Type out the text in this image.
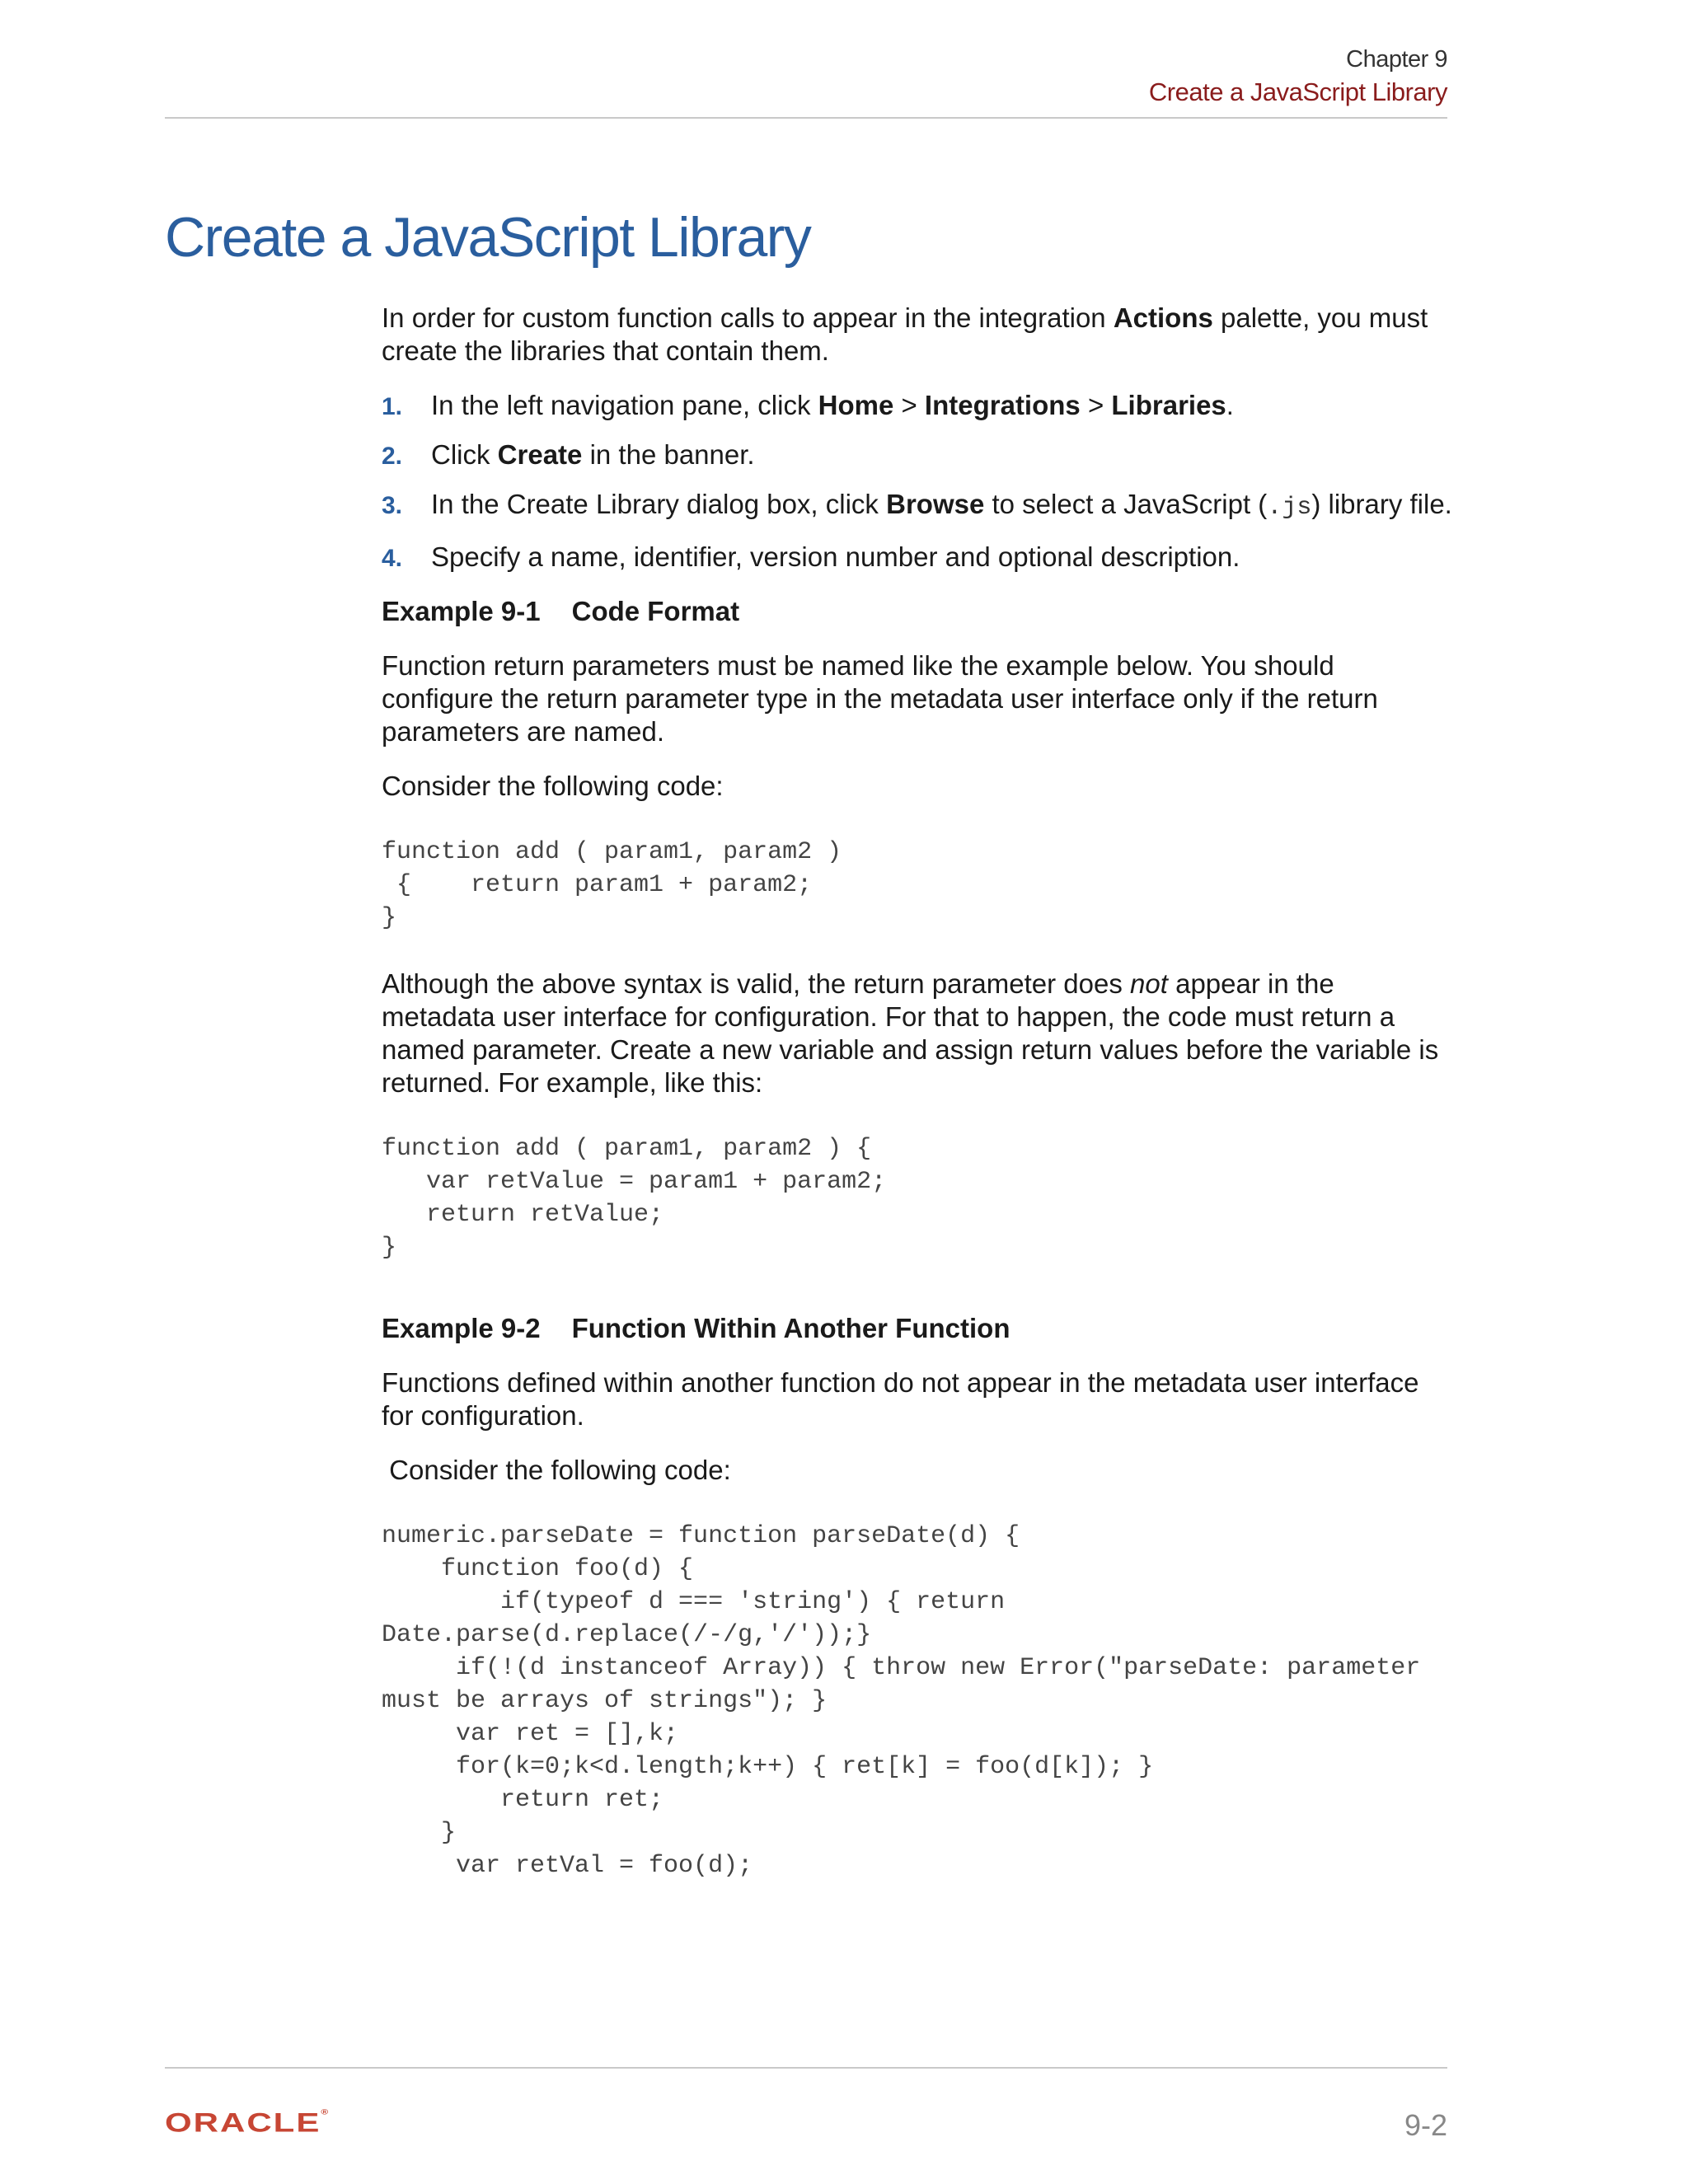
Chapter 9
Create a JavaScript Library
Create a JavaScript Library

In order for custom function calls to appear in the integration Actions palette, you must create the libraries that contain them.

1. In the left navigation pane, click Home > Integrations > Libraries.
2. Click Create in the banner.
3. In the Create Library dialog box, click Browse to select a JavaScript (.js) library file.
4. Specify a name, identifier, version number and optional description.
Example 9-1 Code Format

Function return parameters must be named like the example below. You should configure the return parameter type in the metadata user interface only if the return parameters are named.

Consider the following code:

function add ( param1, param2 )
{    return param1 + param2;
}

Although the above syntax is valid, the return parameter does not appear in the metadata user interface for configuration. For that to happen, the code must return a named parameter. Create a new variable and assign return values before the variable is returned. For example, like this:

function add ( param1, param2 ) {
var retValue = param1 + param2;
return retValue;
}
Example 9-2 Function Within Another Function

Functions defined within another function do not appear in the metadata user interface for configuration.

Consider the following code:

numeric.parseDate = function parseDate(d) {
function foo(d) {
if(typeof d === 'string') { return
Date.parse(d.replace(/-/g,'/'));}
if(!(d instanceof Array)) { throw new Error("parseDate: parameter
must be arrays of strings"); }
var ret = [],k;
for(k=0;k<d.length;k++) { ret[k] = foo(d[k]); }
return ret;
}
var retVal = foo(d);
ORACLE®	9-2
